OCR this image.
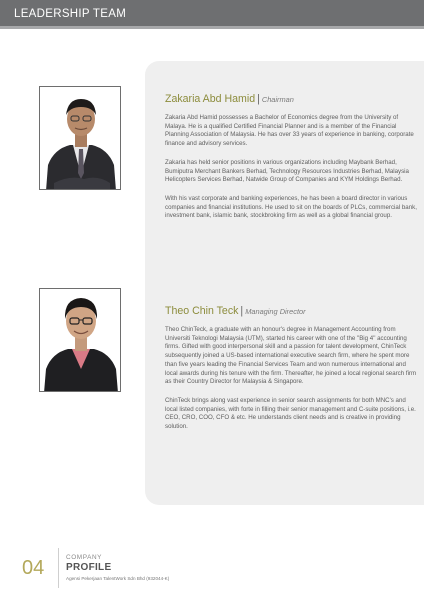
LEADERSHIP TEAM
Zakaria Abd Hamid | Chairman

Zakaria Abd Hamid possesses a Bachelor of Economics degree from the University of Malaya. He is a qualified Certified Financial Planner and is a member of the Financial Planning Association of Malaysia. He has over 33 years of experience in banking, corporate finance and advisory services.

Zakaria has held senior positions in various organizations including Maybank Berhad, Bumiputra Merchant Bankers Berhad, Technology Resources Industries Berhad, Malaysia Helicopters Services Berhad, Natwide Group of Companies and KYM Holdings Berhad.

With his vast corporate and banking experiences, he has been a board director in various companies and financial institutions. He used to sit on the boards of PLCs, commercial bank, investment bank, islamic bank, stockbroking firm as well as a global financial group.

Theo Chin Teck | Managing Director

Theo ChinTeck, a graduate with an honour's degree in Management Accounting from Universiti Teknologi Malaysia (UTM), started his career with one of the "Big 4" accounting firms. Gifted with good interpersonal skill and a passion for talent development, ChinTeck subsequently joined a US-based international executive search firm, where he spent more than five years leading the Financial Services Team and won numerous international and local awards during his tenure with the firm. Thereafter, he joined a local regional search firm as their Country Director for Malaysia & Singapore.

ChinTeck brings along vast experience in senior search assignments for both MNC's and local listed companies, with forte in filling their senior management and C-suite positions, i.e. CEO, CRO, COO, CFO & etc. He understands client needs and is creative in providing solution.

04	COMPANY
PROFILE
Agensi Pekerjaan TalentWork Sdn Bhd (932044-K)
